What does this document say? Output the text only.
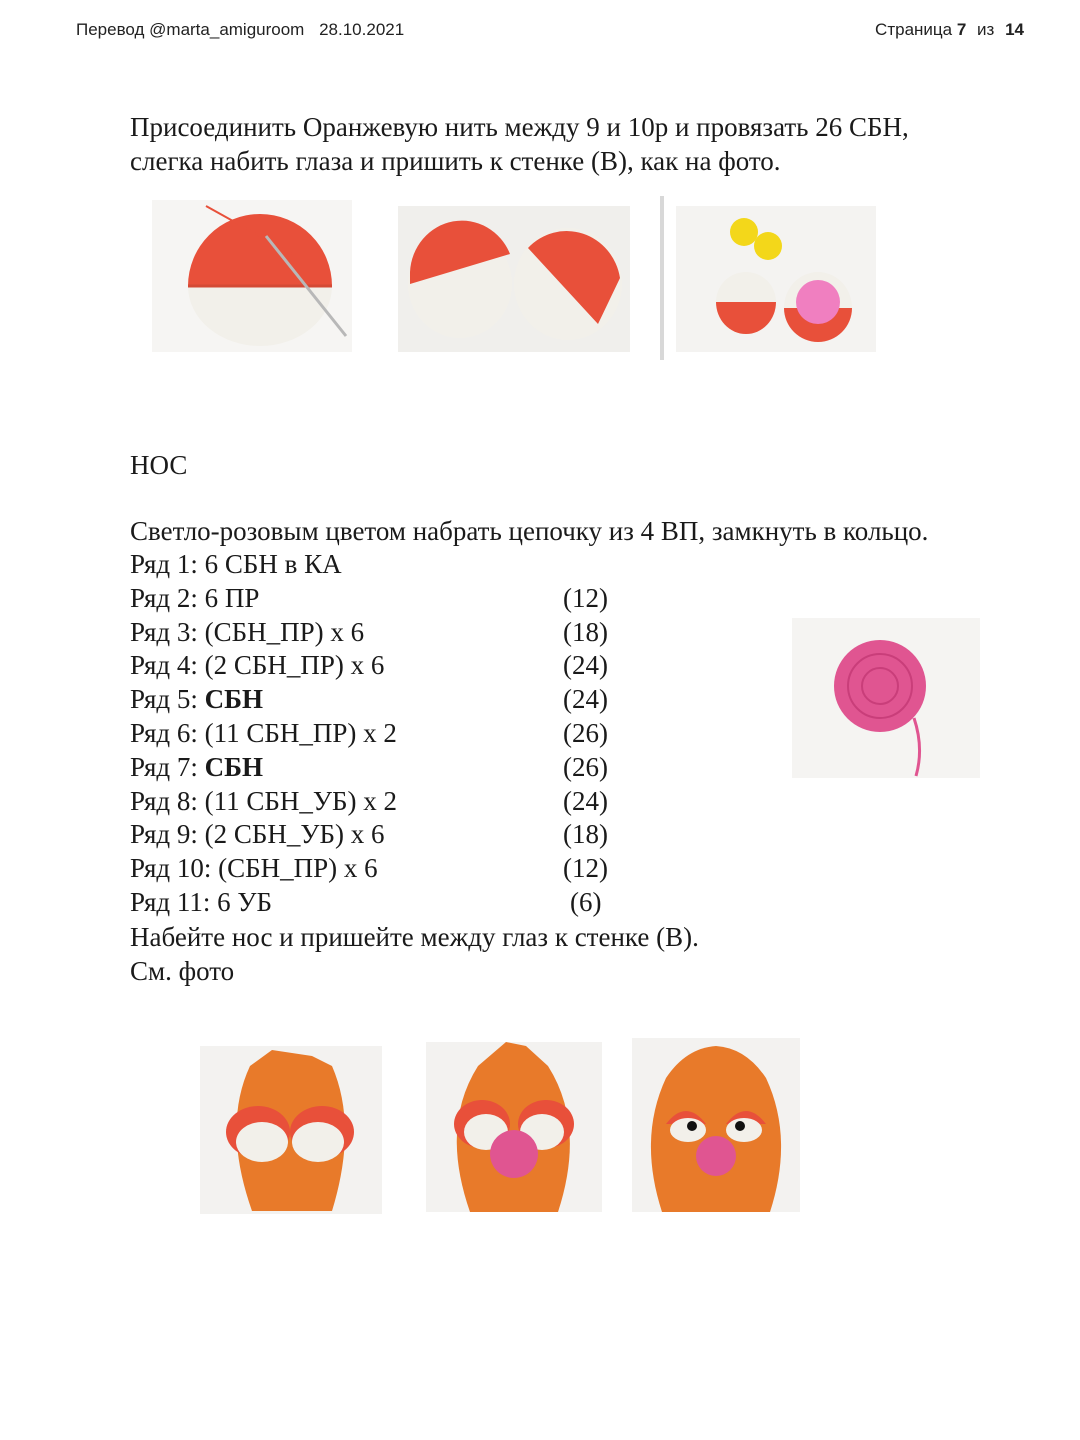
Перевод @marta_amiguroom 28.10.2021	Страница 7 из 14
Присоединить Оранжевую нить между 9 и 10р и провязать 26 СБН,
слегка набить глаза и пришить к стенке (В), как на фото.
НОС
Светло-розовым цветом набрать цепочку из 4 ВП, замкнуть в кольцо.
Ряд 1: 6 СБН в КА
Ряд 2: 6 ПР	(12)
Ряд 3: (СБН_ПР) х 6	(18)
Ряд 4: (2 СБН_ПР) х 6	(24)
Ряд 5: СБН	(24)
Ряд 6: (11 СБН_ПР) х 2	(26)
Ряд 7: СБН	(26)
Ряд 8: (11 СБН_УБ) х 2	(24)
Ряд 9: (2 СБН_УБ) х 6	(18)
Ряд 10: (СБН_ПР) х 6	(12)
Ряд 11: 6 УБ	(6)
Набейте нос и пришейте между глаз к стенке (В).
См. фото
